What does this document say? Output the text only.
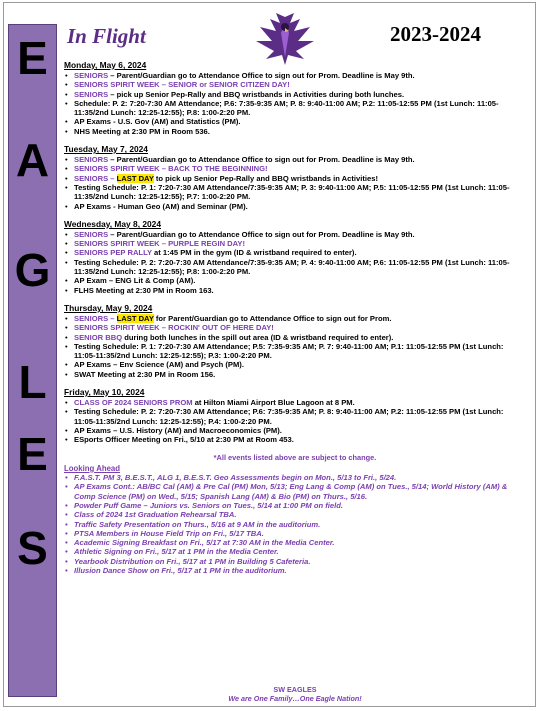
E
A
G
L
E
S
In Flight	2023-2024
Monday, May 6, 2024
• SENIORS – Parent/Guardian go to Attendance Office to sign out for Prom. Deadline is May 9th.
• SENIORS SPIRIT WEEK – SENIOR or SENIOR CITIZEN DAY!
• SENIORS – pick up Senior Pep-Rally and BBQ wristbands in Activities during both lunches.
• Schedule: P. 2: 7:20-7:30 AM Attendance; P.6: 7:35-9:35 AM; P. 8: 9:40-11:00 AM; P.2: 11:05-12:55 PM (1st Lunch: 11:05-11:35/2nd Lunch: 12:25-12:55); P.8: 1:00-2:20 PM.
• AP Exams - U.S. Gov (AM) and Statistics (PM).
• NHS Meeting at 2:30 PM in Room 536.
Tuesday, May 7, 2024
• SENIORS – Parent/Guardian go to Attendance Office to sign out for Prom. Deadline is May 9th.
• SENIORS SPIRIT WEEK – BACK TO THE BEGINNING!
• SENIORS – LAST DAY to pick up Senior Pep-Rally and BBQ wristbands in Activities!
• Testing Schedule: P. 1: 7:20-7:30 AM Attendance/7:35-9:35 AM; P. 3: 9:40-11:00 AM; P.5: 11:05-12:55 PM (1st Lunch: 11:05-11:35/2nd Lunch: 12:25-12:55); P.7: 1:00-2:20 PM.
• AP Exams - Human Geo (AM) and Seminar (PM).
Wednesday, May 8, 2024
• SENIORS – Parent/Guardian go to Attendance Office to sign out for Prom. Deadline is May 9th.
• SENIORS SPIRIT WEEK – PURPLE REGIN DAY!
• SENIORS PEP RALLY at 1:45 PM in the gym (ID & wristband required to enter).
• Testing Schedule: P. 2: 7:20-7:30 AM Attendance/7:35-9:35 AM; P. 4: 9:40-11:00 AM; P.6: 11:05-12:55 PM (1st Lunch: 11:05-11:35/2nd Lunch: 12:25-12:55); P.8: 1:00-2:20 PM.
• AP Exam – ENG Lit & Comp (AM).
• FLHS Meeting at 2:30 PM in Room 163.
Thursday, May 9, 2024
• SENIORS – LAST DAY for Parent/Guardian go to Attendance Office to sign out for Prom.
• SENIORS SPIRIT WEEK – ROCKIN' OUT OF HERE DAY!
• SENIOR BBQ during both lunches in the spill out area (ID & wristband required to enter).
• Testing Schedule: P. 1: 7:20-7:30 AM Attendance; P.5: 7:35-9:35 AM; P. 7: 9:40-11:00 AM; P.1: 11:05-12:55 PM (1st Lunch: 11:05-11:35/2nd Lunch: 12:25-12:55); P.3: 1:00-2:20 PM.
• AP Exams – Env Science (AM) and Psych (PM).
• SWAT Meeting at 2:30 PM in Room 156.
Friday, May 10, 2024
• CLASS OF 2024 SENIORS PROM at Hilton Miami Airport Blue Lagoon at 8 PM.
• Testing Schedule: P. 2: 7:20-7:30 AM Attendance; P.6: 7:35-9:35 AM; P. 8: 9:40-11:00 AM; P.2: 11:05-12:55 PM (1st Lunch: 11:05-11:35/2nd Lunch: 12:25-12:55); P.4: 1:00-2:20 PM.
• AP Exams – U.S. History (AM) and Macroeconomics (PM).
• ESports Officer Meeting on Fri., 5/10 at 2:30 PM at Room 453.
*All events listed above are subject to change.
Looking Ahead
• F.A.S.T. PM 3, B.E.S.T., ALG 1, B.E.S.T. Geo Assessments begin on Mon., 5/13 to Fri., 5/24.
• AP Exams Cont.: AB/BC Cal (AM) & Pre Cal (PM) Mon, 5/13; Eng Lang & Comp (AM) on Tues., 5/14; World History (AM) & Comp Science (PM) on Wed., 5/15; Spanish Lang (AM) & Bio (PM) on Thurs., 5/16.
• Powder Puff Game – Juniors vs. Seniors on Tues., 5/14 at 1:00 PM on field.
• Class of 2024 1st Graduation Rehearsal TBA.
• Traffic Safety Presentation on Thurs., 5/16 at 9 AM in the auditorium.
• PTSA Members in House Field Trip on Fri., 5/17 TBA.
• Academic Signing Breakfast on Fri., 5/17 at 7:30 AM in the Media Center.
• Athletic Signing on Fri., 5/17 at 1 PM in the Media Center.
• Yearbook Distribution on Fri., 5/17 at 1 PM in Building 5 Cafeteria.
• Illusion Dance Show on Fri., 5/17 at 1 PM in the auditorium.
SW EAGLES
We are One Family…One Eagle Nation!
